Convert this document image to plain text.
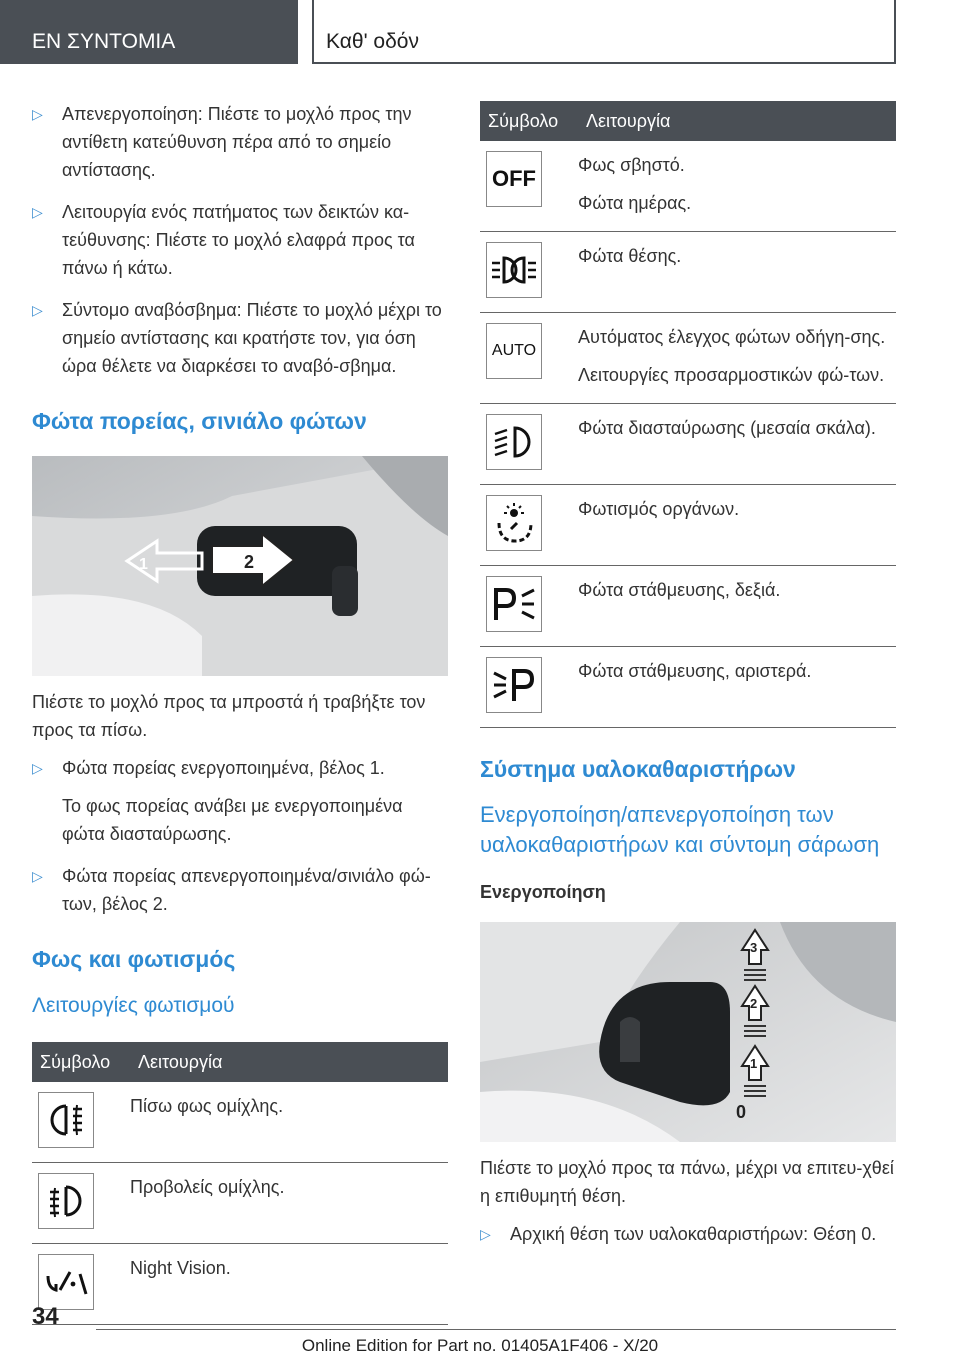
EN ΣΥΝΤΟΜΙΑ	Καθ' οδόν
▷ Απενεργοποίηση: Πιέστε το μοχλό προς την αντίθετη κατεύθυνση πέρα από το σημείο αντίστασης.
▷ Λειτουργία ενός πατήματος των δεικτών κα-τεύθυνσης: Πιέστε το μοχλό ελαφρά προς τα πάνω ή κάτω.
▷ Σύντομο αναβόσβημα: Πιέστε το μοχλό μέχρι το σημείο αντίστασης και κρατήστε τον, για όση ώρα θέλετε να διαρκέσει το αναβό-σβημα.
Φώτα πορείας, σινιάλο φώτων
1	2

Πιέστε το μοχλό προς τα μπροστά ή τραβήξτε τον προς τα πίσω.

▷ Φώτα πορείας ενεργοποιημένα, βέλος 1.

Το φως πορείας ανάβει με ενεργοποιημένα φώτα διασταύρωσης.

▷ Φώτα πορείας απενεργοποιημένα/σινιάλο φώ-των, βέλος 2.
Φως και φωτισμός
Λειτουργίες φωτισμού
Σύμβολο	Λειτουργία

Πίσω φως ομίχλης.

Προβολείς ομίχλης.

Night Vision.

Σύμβολο	Λειτουργία

OFF	Φως σβηστό.

Φώτα ημέρας.

Φώτα θέσης.

AUTO	Αυτόματος έλεγχος φώτων οδήγη-σης.

Λειτουργίες προσαρμοστικών φώ-των.

Φώτα διασταύρωσης (μεσαία σκάλα).

Φωτισμός οργάνων.

Φώτα στάθμευσης, δεξιά.

Φώτα στάθμευσης, αριστερά.

Σύστημα υαλοκαθαριστήρων
Ενεργοποίηση/απενεργοποίηση των υαλοκαθαριστήρων και σύντομη σάρωση
Ενεργοποίηση
3
2
1
0

Πιέστε το μοχλό προς τα πάνω, μέχρι να επιτευ-χθεί η επιθυμητή θέση.

▷ Αρχική θέση των υαλοκαθαριστήρων: Θέση 0.
34
Online Edition for Part no. 01405A1F406 - X/20
